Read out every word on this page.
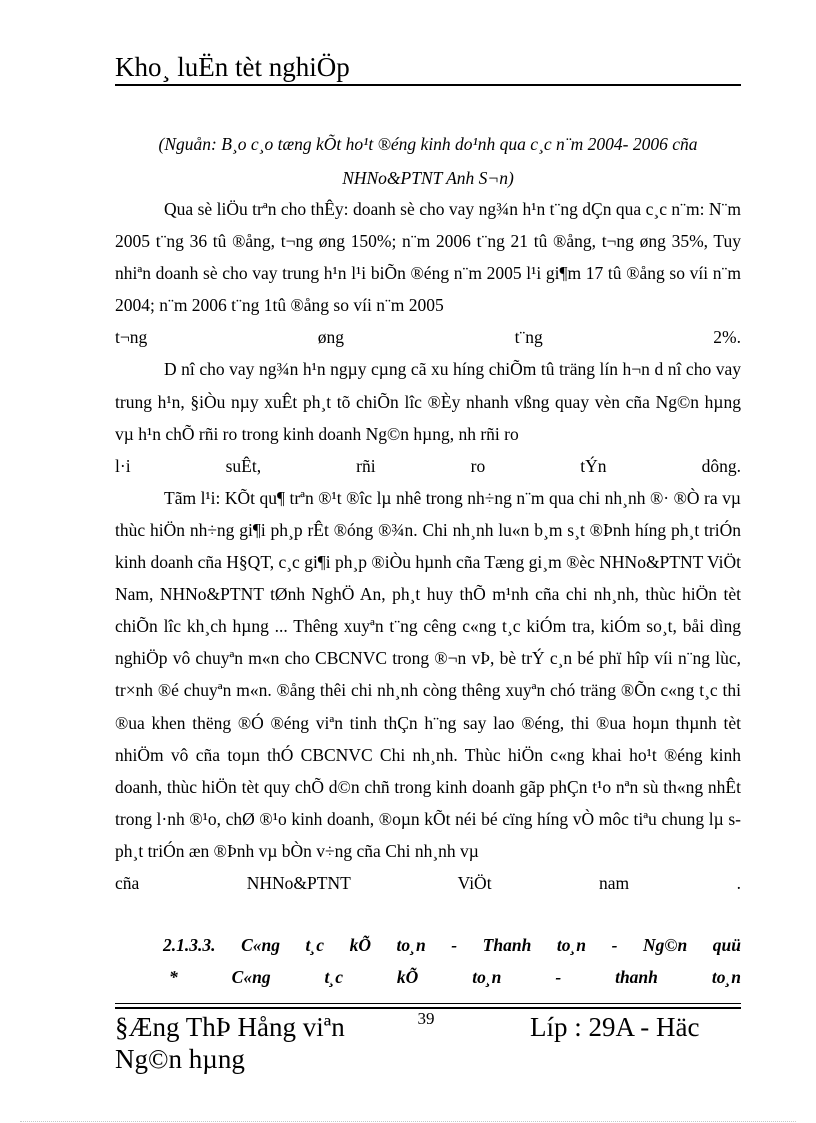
Kho¸ luËn tèt nghiÖp
(Nguån: B¸o c¸o tæng kÕt ho¹t ®éng kinh do¹nh qua c¸c n¨m 2004- 2006 cña
NHNo&PTNT Anh S¬n)

Qua sè liÖu trªn cho thÊy: doanh sè cho vay ng¾n h¹n t¨ng dÇn qua c¸c n¨m: N¨m 2005 t¨ng 36 tû ®ång, t¬ng øng 150%; n¨m 2006 t¨ng 21 tû ®ång, t¬ng øng 35%, Tuy nhiªn doanh sè cho vay trung h¹n l¹i biÕn ®éng n¨m 2005 l¹i gi¶m 17 tû ®ång so víi n¨m 2004; n¨m 2006 t¨ng 1tû ®ång so víi n¨m 2005

t¬ng øng t¨ng 2%.

D nî cho vay ng¾n h¹n ngµy cµng cã xu híng chiÕm tû träng lín h¬n d nî cho vay trung h¹n, §iÒu nµy xuÊt ph¸t tõ chiÕn lîc ®Èy nhanh vßng quay vèn cña Ng©n hµng vµ h¹n chÕ rñi ro trong kinh doanh Ng©n hµng, nh rñi ro

l·i suÊt, rñi ro tÝn dông.

Tãm l¹i: KÕt qu¶ trªn ®¹t ®îc lµ nhê trong nh÷ng n¨m qua chi nh¸nh ®· ®Ò ra vµ thùc hiÖn nh÷ng gi¶i ph¸p rÊt ®óng ®¾n. Chi nh¸nh lu«n b¸m s¸t ®Þnh híng ph¸t triÓn kinh doanh cña H§QT, c¸c gi¶i ph¸p ®iÒu hµnh cña Tæng gi¸m ®èc NHNo&PTNT ViÖt Nam, NHNo&PTNT tØnh NghÖ An, ph¸t huy thÕ m¹nh cña chi nh¸nh, thùc hiÖn tèt chiÕn lîc kh¸ch hµng ... Thêng xuyªn t¨ng cêng c«ng t¸c kiÓm tra, kiÓm so¸t, båi dìng nghiÖp vô chuyªn m«n cho CBCNVC trong ®¬n vÞ, bè trÝ c¸n bé phï hîp víi n¨ng lùc, tr×nh ®é chuyªn m«n. ®ång thêi chi nh¸nh còng thêng xuyªn chó träng ®Õn c«ng t¸c thi ®ua khen thëng ®Ó ®éng viªn tinh thÇn h¨ng say lao ®éng, thi ®ua hoµn thµnh tèt nhiÖm vô cña toµn thÓ CBCNVC Chi nh¸nh. Thùc hiÖn c«ng khai ho¹t ®éng kinh doanh, thùc hiÖn tèt quy chÕ d©n chñ trong kinh doanh gãp phÇn t¹o nªn sù th«ng nhÊt trong l·nh ®¹o, chØ ®¹o kinh doanh, ®oµn kÕt néi bé cïng híng vÒ môc tiªu chung lµ s ph¸t triÓn æn ®Þnh vµ bÒn v÷ng cña Chi nh¸nh vµ

cña NHNo&PTNT ViÖt nam .

2.1.3.3. C«ng t¸c kÕ to¸n - Thanh to¸n - Ng©n quü
* C«ng t¸c kÕ to¸n - thanh to¸n
§Æng ThÞ Hång viªn Ng©n hµng
39	Líp : 29A - Häc
